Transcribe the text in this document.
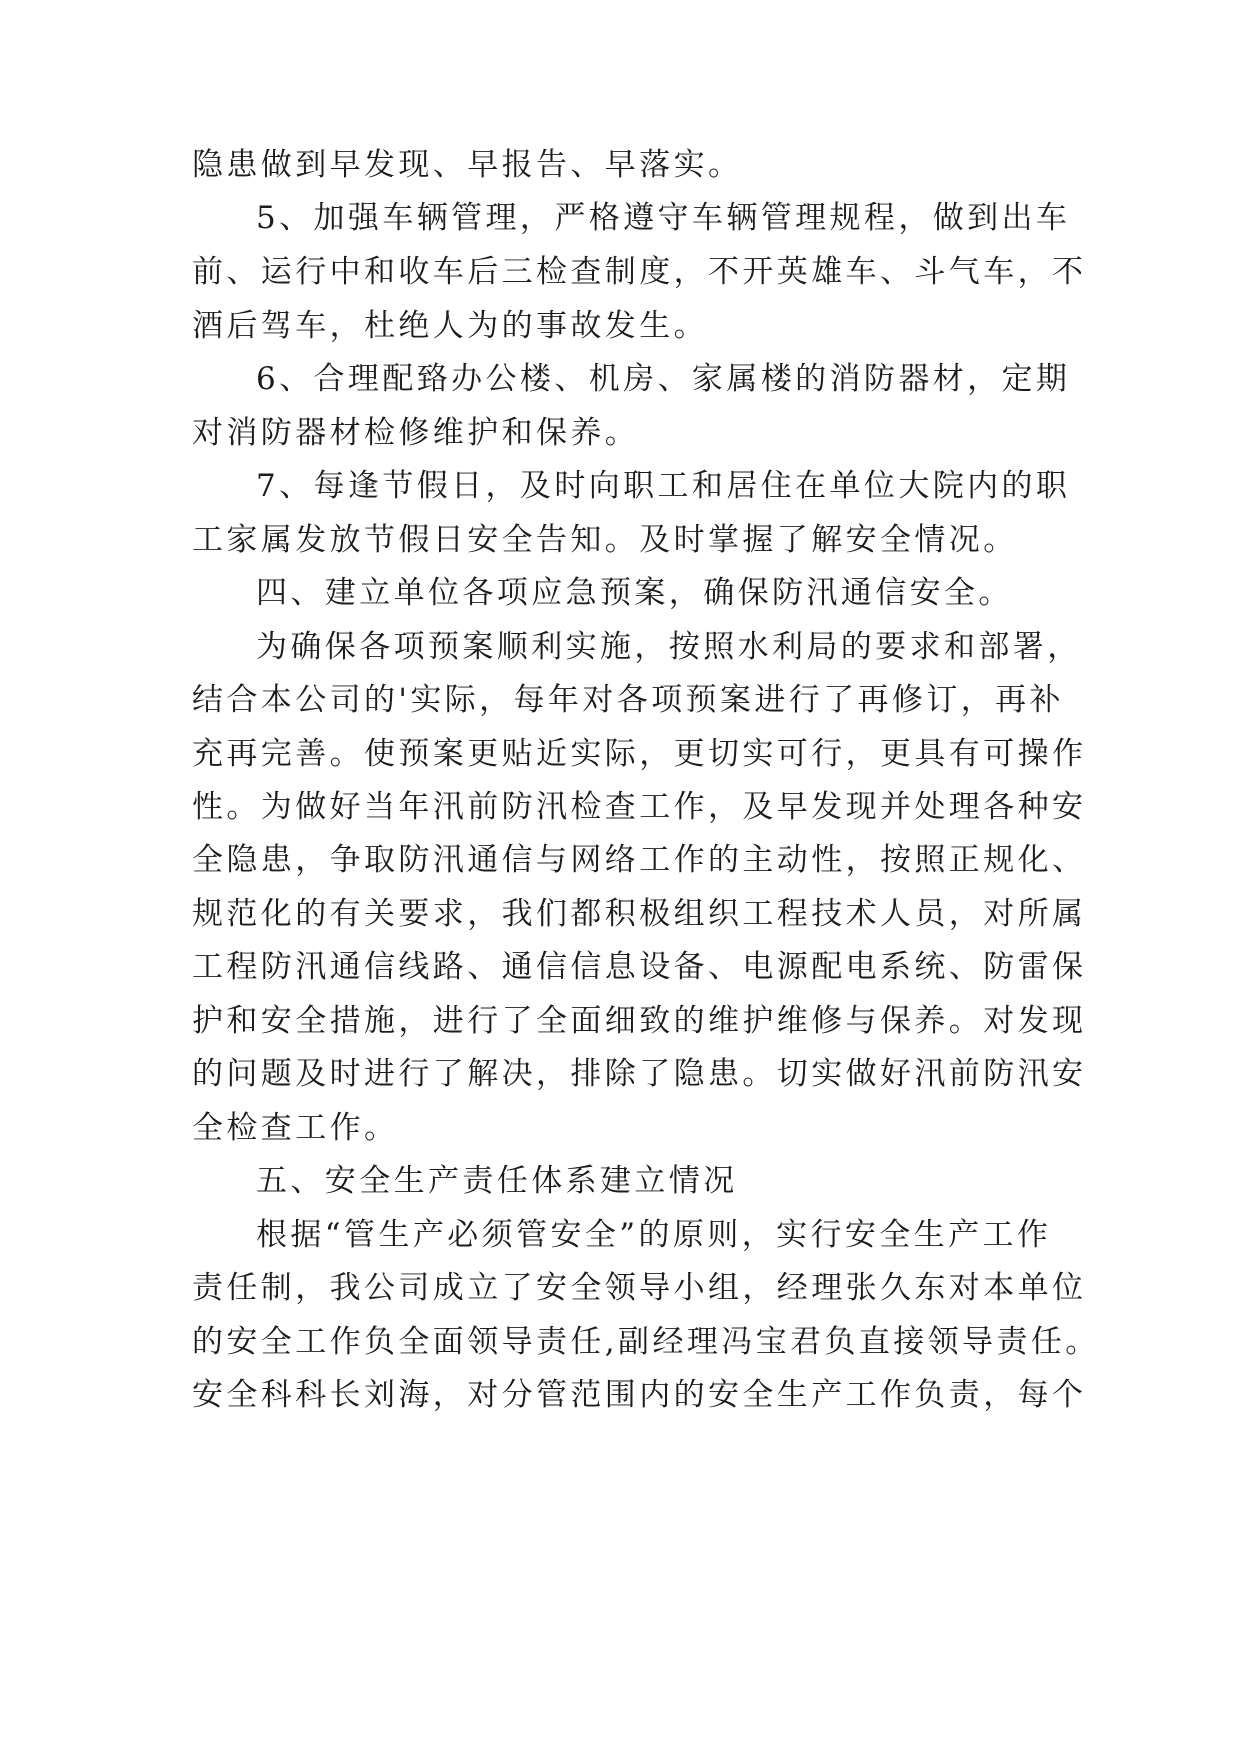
隐患做到早发现、早报告、早落实。
5、加强车辆管理，严格遵守车辆管理规程，做到出车
前、运行中和收车后三检查制度，不开英雄车、斗气车，不
酒后驾车，杜绝人为的事故发生。
6、合理配臵办公楼、机房、家属楼的消防器材，定期
对消防器材检修维护和保养。
7、每逢节假日，及时向职工和居住在单位大院内的职
工家属发放节假日安全告知。及时掌握了解安全情况。
四、建立单位各项应急预案，确保防汛通信安全。
为确保各项预案顺利实施，按照水利局的要求和部署，
结合本公司的'实际，每年对各项预案进行了再修订，再补
充再完善。使预案更贴近实际，更切实可行，更具有可操作
性。为做好当年汛前防汛检查工作，及早发现并处理各种安
全隐患，争取防汛通信与网络工作的主动性，按照正规化、
规范化的有关要求，我们都积极组织工程技术人员，对所属
工程防汛通信线路、通信信息设备、电源配电系统、防雷保
护和安全措施，进行了全面细致的维护维修与保养。对发现
的问题及时进行了解决，排除了隐患。切实做好汛前防汛安
全检查工作。
五、安全生产责任体系建立情况
根据“管生产必须管安全”的原则，实行安全生产工作
责任制，我公司成立了安全领导小组，经理张久东对本单位
的安全工作负全面领导责任,副经理冯宝君负直接领导责任。
安全科科长刘海，对分管范围内的安全生产工作负责，每个
